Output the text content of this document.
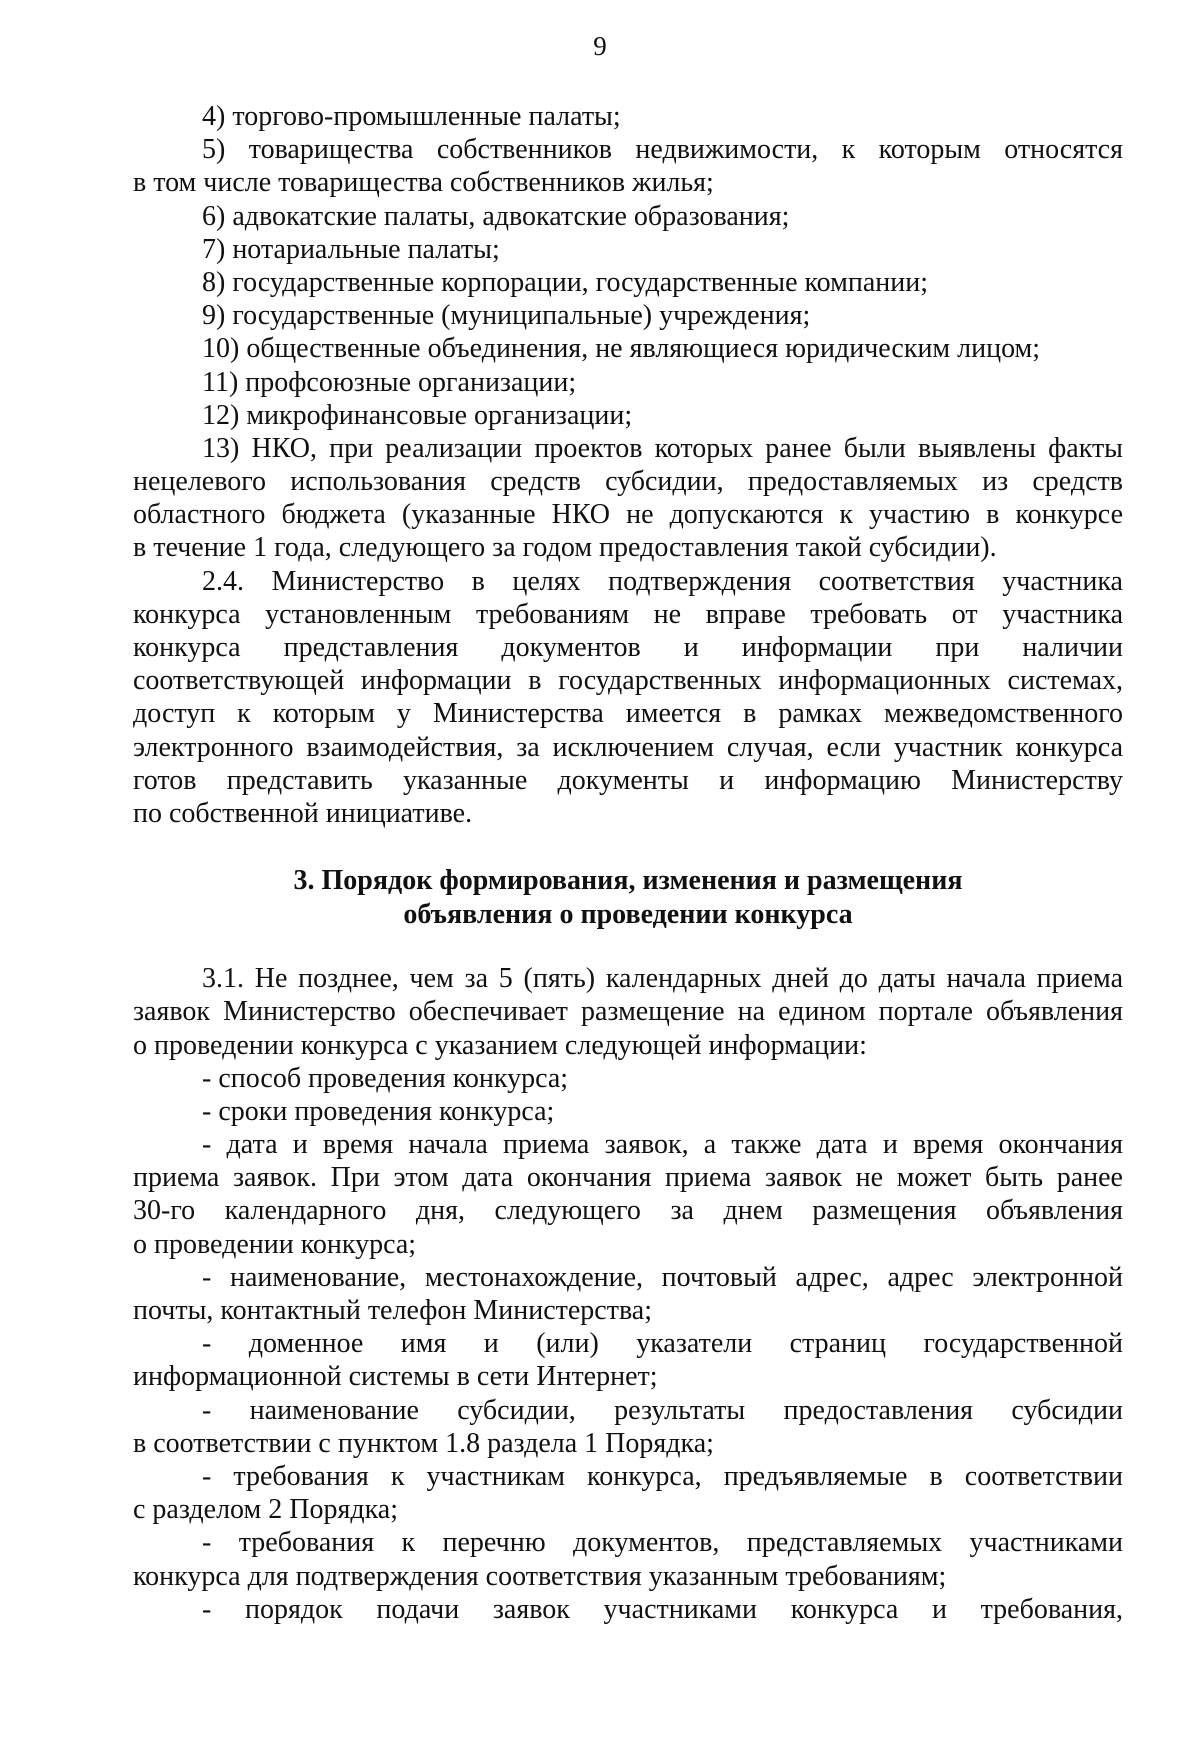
9
4) торгово-промышленные палаты;
5) товарищества собственников недвижимости, к которым относятся
в том числе товарищества собственников жилья;
6) адвокатские палаты, адвокатские образования;
7) нотариальные палаты;
8) государственные корпорации, государственные компании;
9) государственные (муниципальные) учреждения;
10) общественные объединения, не являющиеся юридическим лицом;
11) профсоюзные организации;
12) микрофинансовые организации;
13) НКО, при реализации проектов которых ранее были выявлены факты
нецелевого использования средств субсидии, предоставляемых из средств
областного бюджета (указанные НКО не допускаются к участию в конкурсе
в течение 1 года, следующего за годом предоставления такой субсидии).
2.4. Министерство в целях подтверждения соответствия участника
конкурса установленным требованиям не вправе требовать от участника
конкурса представления документов и информации при наличии
соответствующей информации в государственных информационных системах,
доступ к которым у Министерства имеется в рамках межведомственного
электронного взаимодействия, за исключением случая, если участник конкурса
готов представить указанные документы и информацию Министерству
по собственной инициативе.
3. Порядок формирования, изменения и размещения
объявления о проведении конкурса
3.1. Не позднее, чем за 5 (пять) календарных дней до даты начала приема
заявок Министерство обеспечивает размещение на едином портале объявления
о проведении конкурса с указанием следующей информации:
- способ проведения конкурса;
- сроки проведения конкурса;
- дата и время начала приема заявок, а также дата и время окончания
приема заявок. При этом дата окончания приема заявок не может быть ранее
30-го календарного дня, следующего за днем размещения объявления
о проведении конкурса;
- наименование, местонахождение, почтовый адрес, адрес электронной
почты, контактный телефон Министерства;
- доменное имя и (или) указатели страниц государственной
информационной системы в сети Интернет;
- наименование субсидии, результаты предоставления субсидии
в соответствии с пунктом 1.8 раздела 1 Порядка;
- требования к участникам конкурса, предъявляемые в соответствии
с разделом 2 Порядка;
- требования к перечню документов, представляемых участниками
конкурса для подтверждения соответствия указанным требованиям;
- порядок подачи заявок участниками конкурса и требования,
